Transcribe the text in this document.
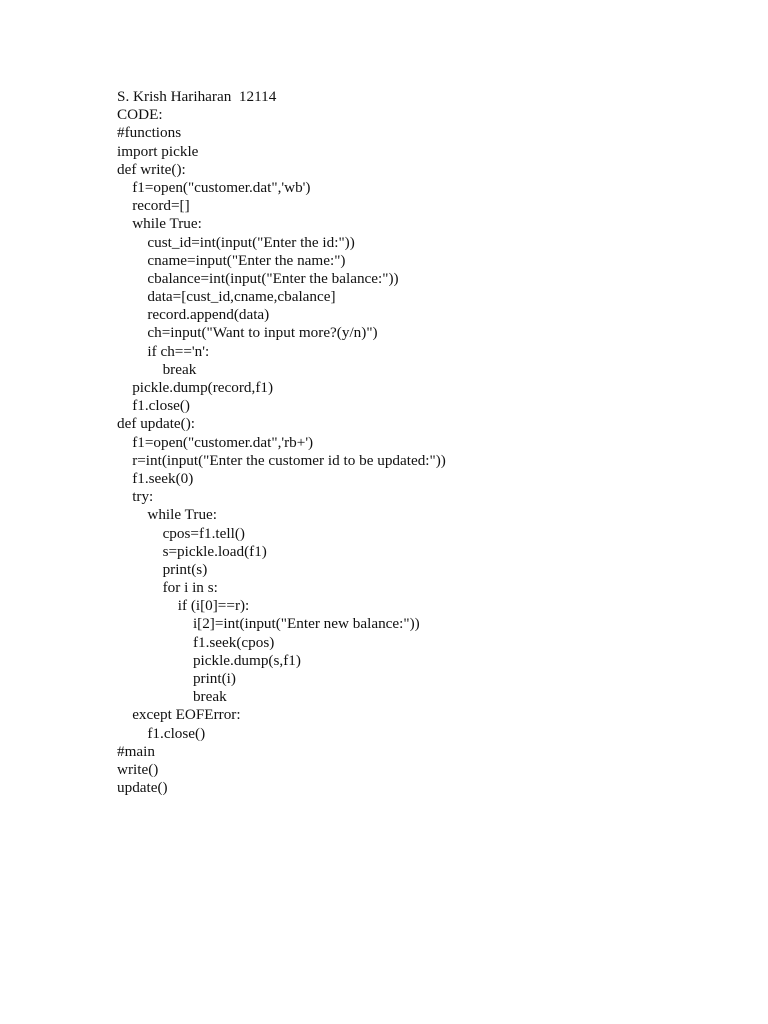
S. Krish Hariharan  12114
CODE:
#functions
import pickle
def write():
f1=open("customer.dat",'wb')
record=[]
while True:
cust_id=int(input("Enter the id:"))
cname=input("Enter the name:")
cbalance=int(input("Enter the balance:"))
data=[cust_id,cname,cbalance]
record.append(data)
ch=input("Want to input more?(y/n)")
if ch=='n':
break
pickle.dump(record,f1)
f1.close()
def update():
f1=open("customer.dat",'rb+')
r=int(input("Enter the customer id to be updated:"))
f1.seek(0)
try:
while True:
cpos=f1.tell()
s=pickle.load(f1)
print(s)
for i in s:
if (i[0]==r):
i[2]=int(input("Enter new balance:"))
f1.seek(cpos)
pickle.dump(s,f1)
print(i)
break
except EOFError:
f1.close()
#main
write()
update()
